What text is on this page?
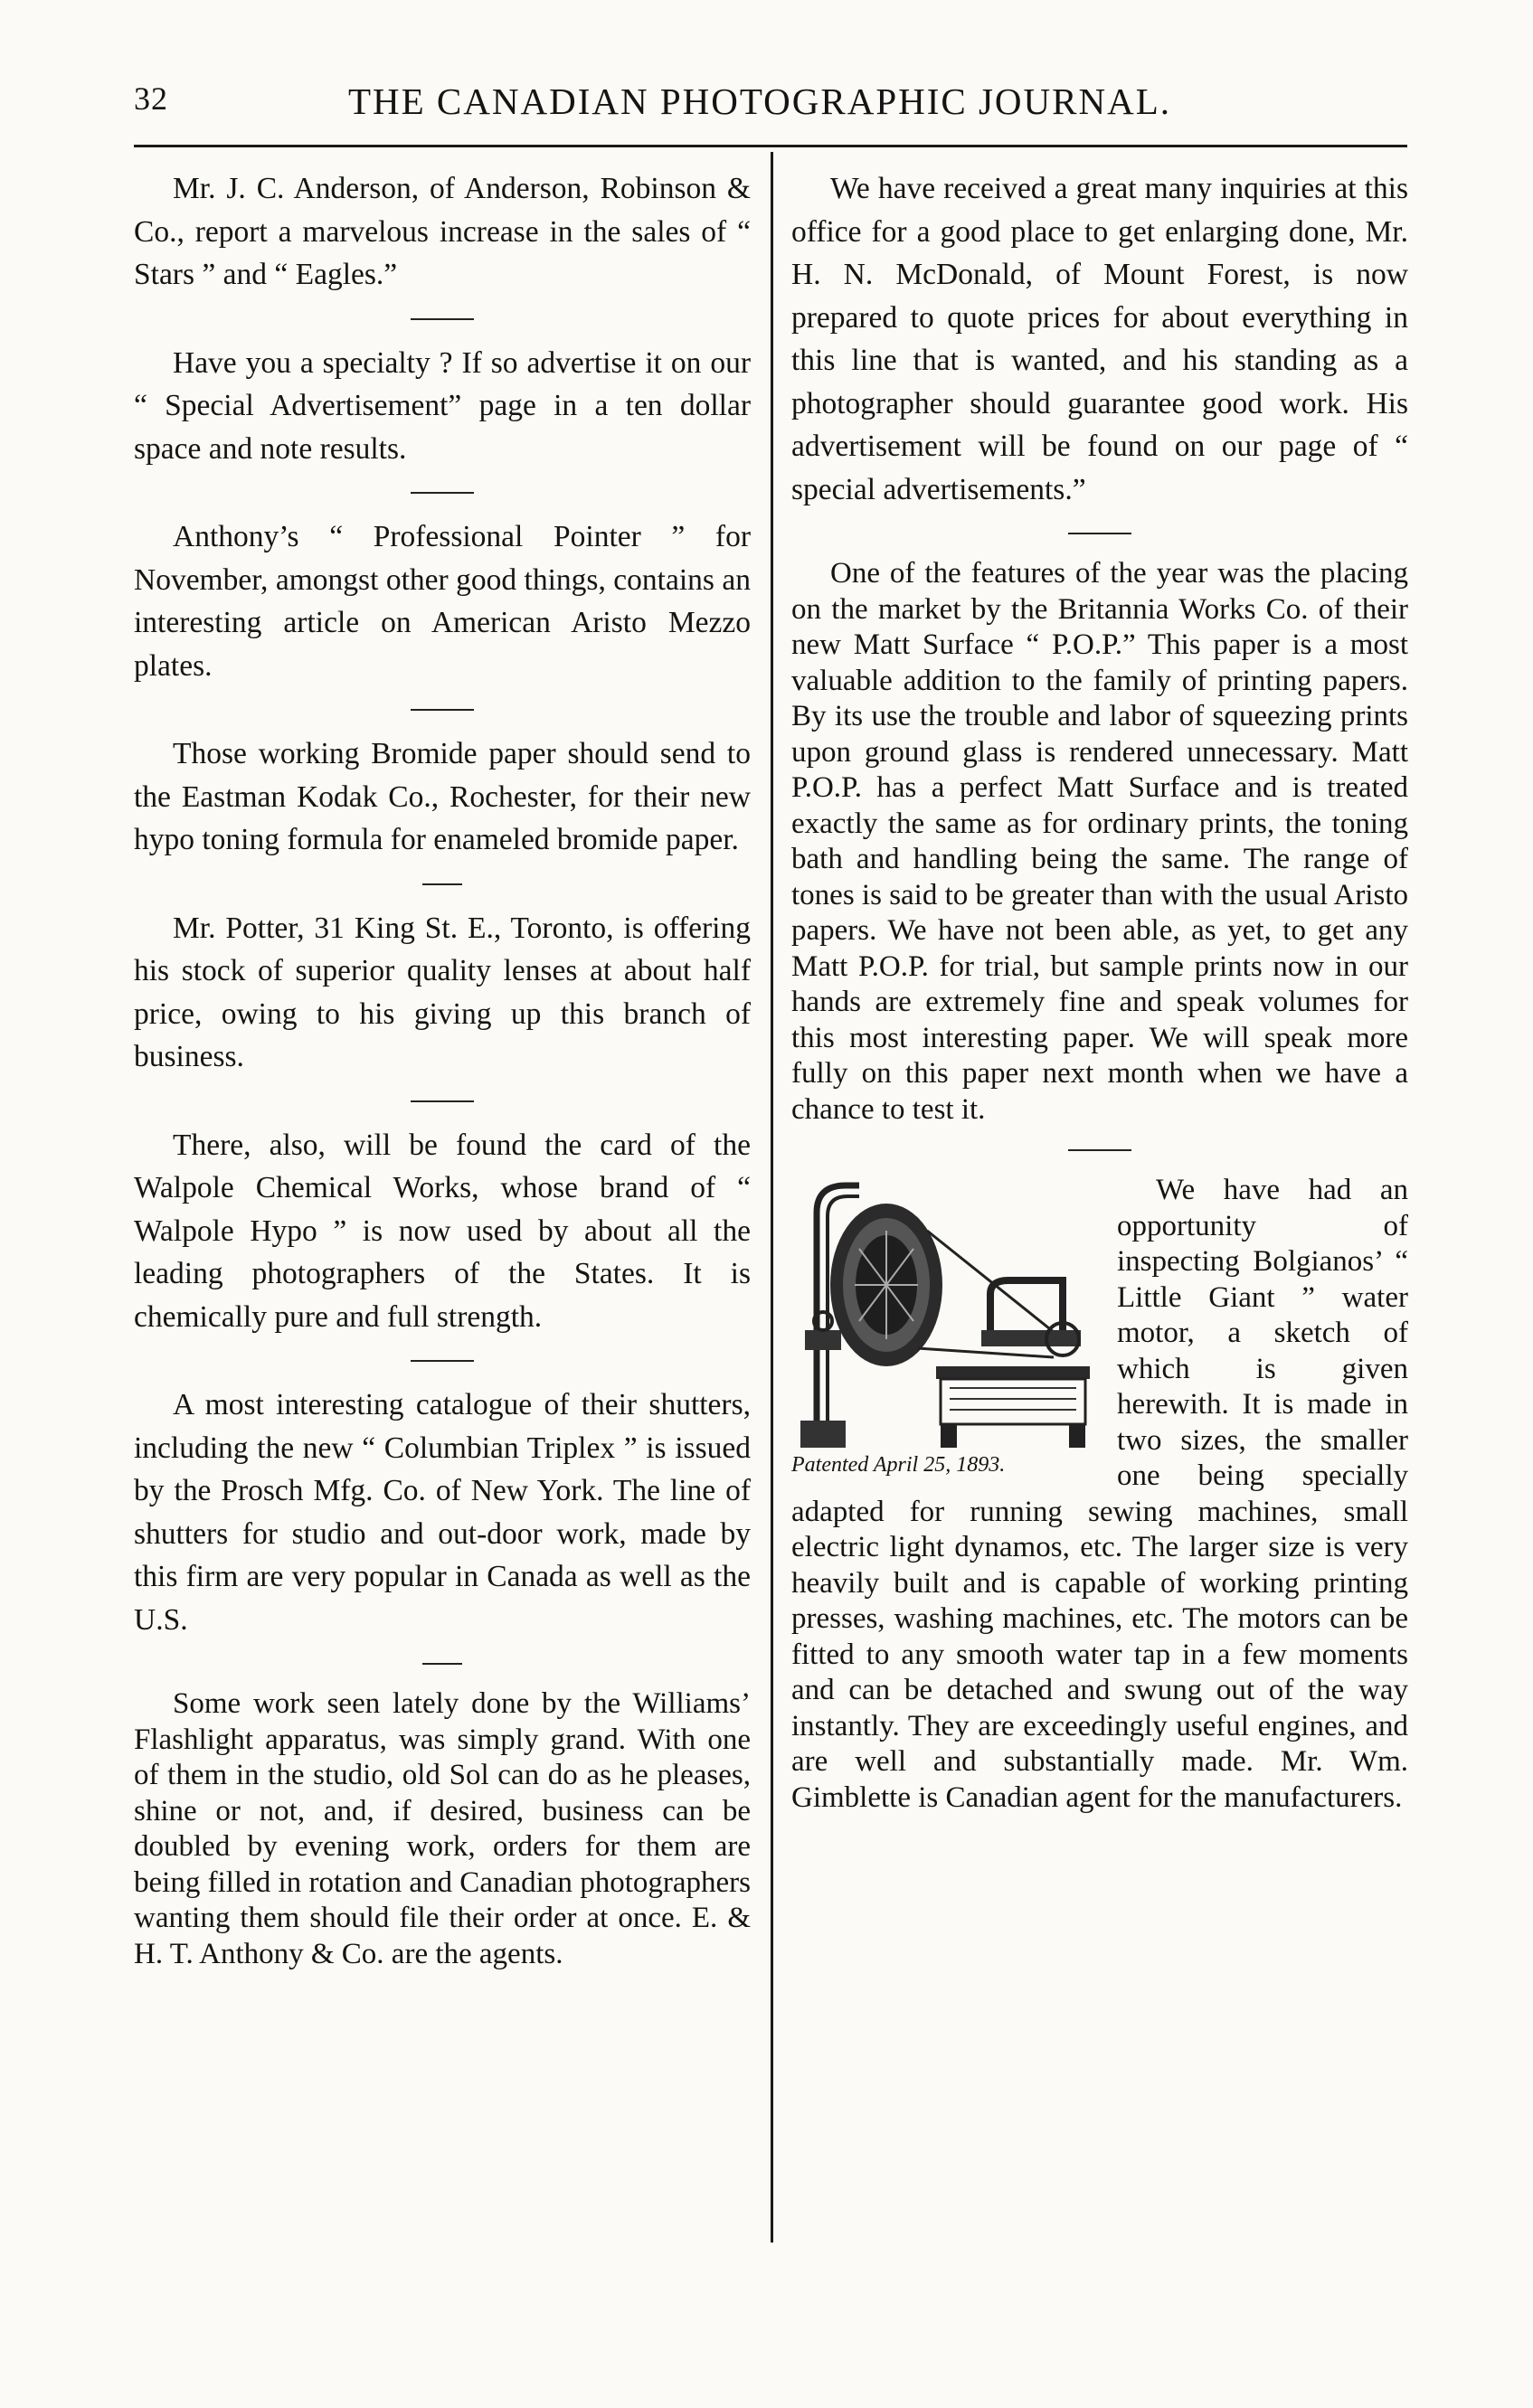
32	THE CANADIAN PHOTOGRAPHIC JOURNAL.

Mr. J. C. Anderson, of Anderson, Robinson & Co., report a marvelous increase in the sales of “ Stars ” and “ Eagles.”

Have you a specialty ? If so advertise it on our “ Special Advertisement” page in a ten dollar space and note results.

Anthony’s “ Professional Pointer ” for November, amongst other good things, contains an interesting article on American Aristo Mezzo plates.

Those working Bromide paper should send to the Eastman Kodak Co., Rochester, for their new hypo toning formula for enameled bromide paper.

Mr. Potter, 31 King St. E., Toronto, is offering his stock of superior quality lenses at about half price, owing to his giving up this branch of business.

There, also, will be found the card of the Walpole Chemical Works, whose brand of “ Walpole Hypo ” is now used by about all the leading photographers of the States. It is chemically pure and full strength.

A most interesting catalogue of their shutters, including the new “ Columbian Triplex ” is issued by the Prosch Mfg. Co. of New York. The line of shutters for studio and out-door work, made by this firm are very popular in Canada as well as the U.S.

Some work seen lately done by the Williams’ Flashlight apparatus, was simply grand. With one of them in the studio, old Sol can do as he pleases, shine or not, and, if desired, business can be doubled by evening work, orders for them are being filled in rotation and Canadian photographers wanting them should file their order at once. E. & H. T. Anthony & Co. are the agents.

We have received a great many inquiries at this office for a good place to get enlarging done, Mr. H. N. McDonald, of Mount Forest, is now prepared to quote prices for about everything in this line that is wanted, and his standing as a photographer should guarantee good work. His advertisement will be found on our page of “ special advertisements.”

One of the features of the year was the placing on the market by the Britannia Works Co. of their new Matt Surface “ P.O.P.” This paper is a most valuable addition to the family of printing papers. By its use the trouble and labor of squeezing prints upon ground glass is rendered unnecessary. Matt P.O.P. has a perfect Matt Surface and is treated exactly the same as for ordinary prints, the toning bath and handling being the same. The range of tones is said to be greater than with the usual Aristo papers. We have not been able, as yet, to get any Matt P.O.P. for trial, but sample prints now in our hands are extremely fine and speak volumes for this most interesting paper. We will speak more fully on this paper next month when we have a chance to test it.

Patented April 25, 1893.

We have had an opportunity of inspecting Bolgianos’ “ Little Giant ” water motor, a sketch of which is given herewith. It is made in two sizes, the smaller one being specially adapted for running sewing machines, small electric light dynamos, etc. The larger size is very heavily built and is capable of working printing presses, washing machines, etc. The motors can be fitted to any smooth water tap in a few moments and can be detached and swung out of the way instantly. They are exceedingly useful engines, and are well and substantially made. Mr. Wm. Gimblette is Canadian agent for the manufacturers.
